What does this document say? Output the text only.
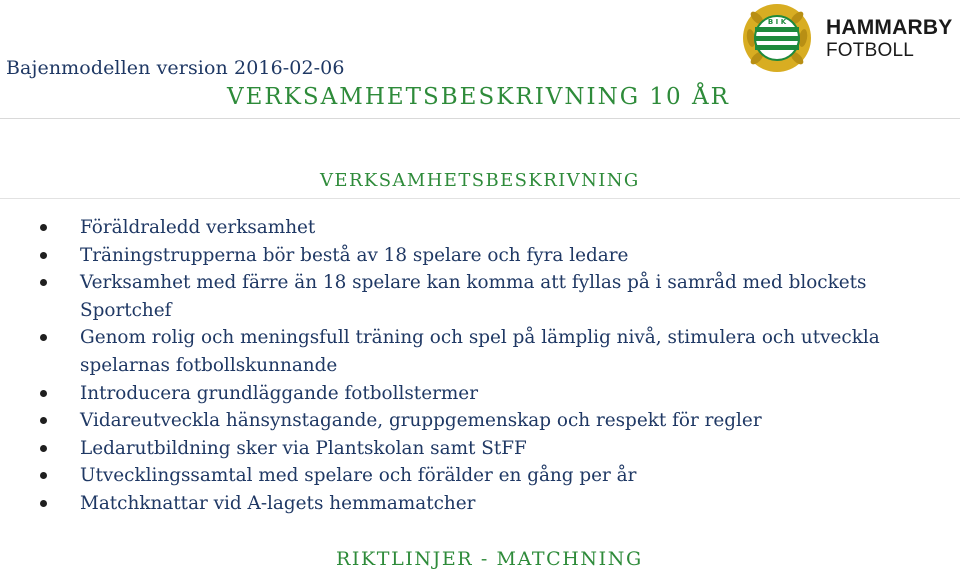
Bajenmodellen version 2016-02-06
VERKSAMHETSBESKRIVNING 10 ÅR
B I K HAMMARBY
FOTBOLL
VERKSAMHETSBESKRIVNING
Föräldraledd verksamhet
Träningstrupperna bör bestå av 18 spelare och fyra ledare
Verksamhet med färre än 18 spelare kan komma att fyllas på i samråd med blockets Sportchef
Genom rolig och meningsfull träning och spel på lämplig nivå, stimulera och utveckla spelarnas fotbollskunnande
Introducera grundläggande fotbollstermer
Vidareutveckla hänsynstagande, gruppgemenskap och respekt för regler
Ledarutbildning sker via Plantskolan samt StFF
Utvecklingssamtal med spelare och förälder en gång per år
Matchknattar vid A-lagets hemmamatcher
RIKTLINJER - MATCHNING
